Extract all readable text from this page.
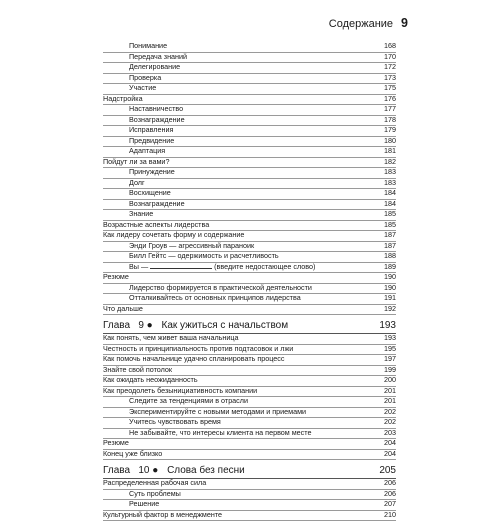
Содержание 9
Понимание	168
Передача знаний	170
Делегирование	172
Проверка	173
Участие	175
Надстройка	176
Наставничество	177
Вознаграждение	178
Исправления	179
Предвидение	180
Адаптация	181
Пойдут ли за вами?	182
Принуждение	183
Долг	183
Восхищение	184
Вознаграждение	184
Знание	185
Возрастные аспекты лидерства	185
Как лидеру сочетать форму и содержание	187
Энди Гроув — агрессивный параноик	187
Билл Гейтс — одержимость и расчетливость	188
Вы —	(введите недостающее слово)	189
Резюме	190
Лидерство формируется в практической деятельности	190
Отталкивайтесь от основных принципов лидерства	191
Что дальше	192
Глава   9 ● Как ужиться с начальством	193
Как понять, чем живет ваша начальница	193
Честность и принципиальность против подтасовок и лжи	195
Как помочь начальнице удачно спланировать процесс	197
Знайте свой потолок	199
Как ожидать неожиданность	200
Как преодолеть безынициативность компании	201
Следите за тенденциями в отрасли	201
Экспериментируйте с новыми методами и приемами	202
Учитесь чувствовать время	202
Не забывайте, что интересы клиента на первом месте	203
Резюме	204
Конец уже близко	204
Глава   10 ● Слова без песни	205
Распределенная рабочая сила	206
Суть проблемы	206
Решение	207
Культурный фактор в менеджменте	210
